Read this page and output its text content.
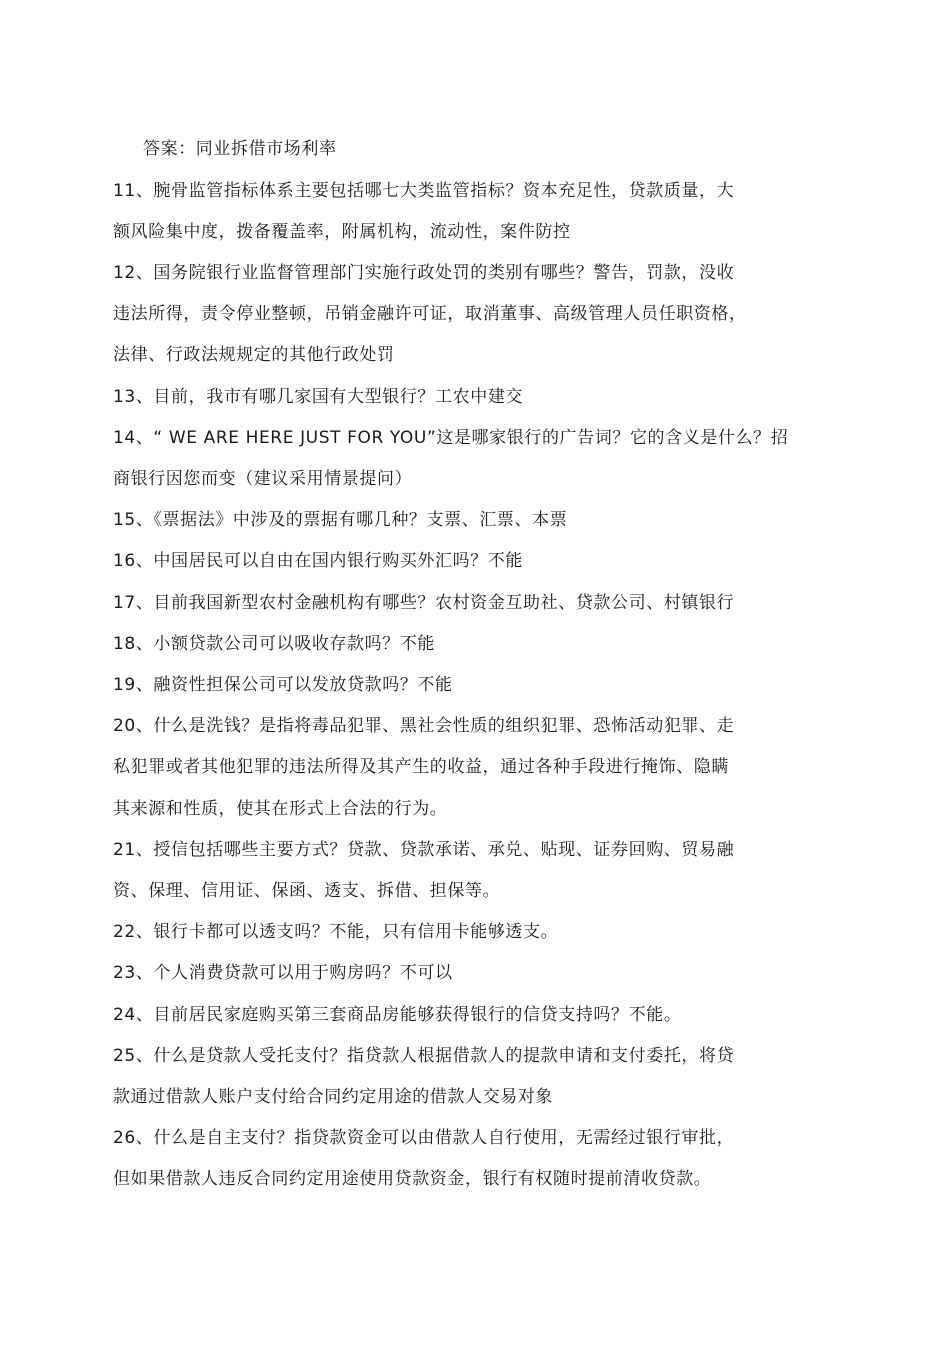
答案：同业拆借市场利率
11、腕骨监管指标体系主要包括哪七大类监管指标？资本充足性，贷款质量，大
额风险集中度，拨备覆盖率，附属机构，流动性，案件防控
12、国务院银行业监督管理部门实施行政处罚的类别有哪些？警告，罚款，没收
违法所得，责令停业整顿，吊销金融许可证，取消董事、高级管理人员任职资格，
法律、行政法规规定的其他行政处罚
13、目前，我市有哪几家国有大型银行？工农中建交
14、“ WE ARE HERE JUST FOR YOU”这是哪家银行的广告词？它的含义是什么？招
商银行因您而变（建议采用情景提问）
15、《票据法》中涉及的票据有哪几种？支票、汇票、本票
16、中国居民可以自由在国内银行购买外汇吗？不能
17、目前我国新型农村金融机构有哪些？农村资金互助社、贷款公司、村镇银行
18、小额贷款公司可以吸收存款吗？不能
19、融资性担保公司可以发放贷款吗？不能
20、什么是洗钱？是指将毒品犯罪、黑社会性质的组织犯罪、恐怖活动犯罪、走
私犯罪或者其他犯罪的违法所得及其产生的收益，通过各种手段进行掩饰、隐瞒
其来源和性质，使其在形式上合法的行为。
21、授信包括哪些主要方式？贷款、贷款承诺、承兑、贴现、证券回购、贸易融
资、保理、信用证、保函、透支、拆借、担保等。
22、银行卡都可以透支吗？不能，只有信用卡能够透支。
23、个人消费贷款可以用于购房吗？不可以
24、目前居民家庭购买第三套商品房能够获得银行的信贷支持吗？不能。
25、什么是贷款人受托支付？指贷款人根据借款人的提款申请和支付委托，将贷
款通过借款人账户支付给合同约定用途的借款人交易对象
26、什么是自主支付？指贷款资金可以由借款人自行使用，无需经过银行审批，
但如果借款人违反合同约定用途使用贷款资金，银行有权随时提前清收贷款。
